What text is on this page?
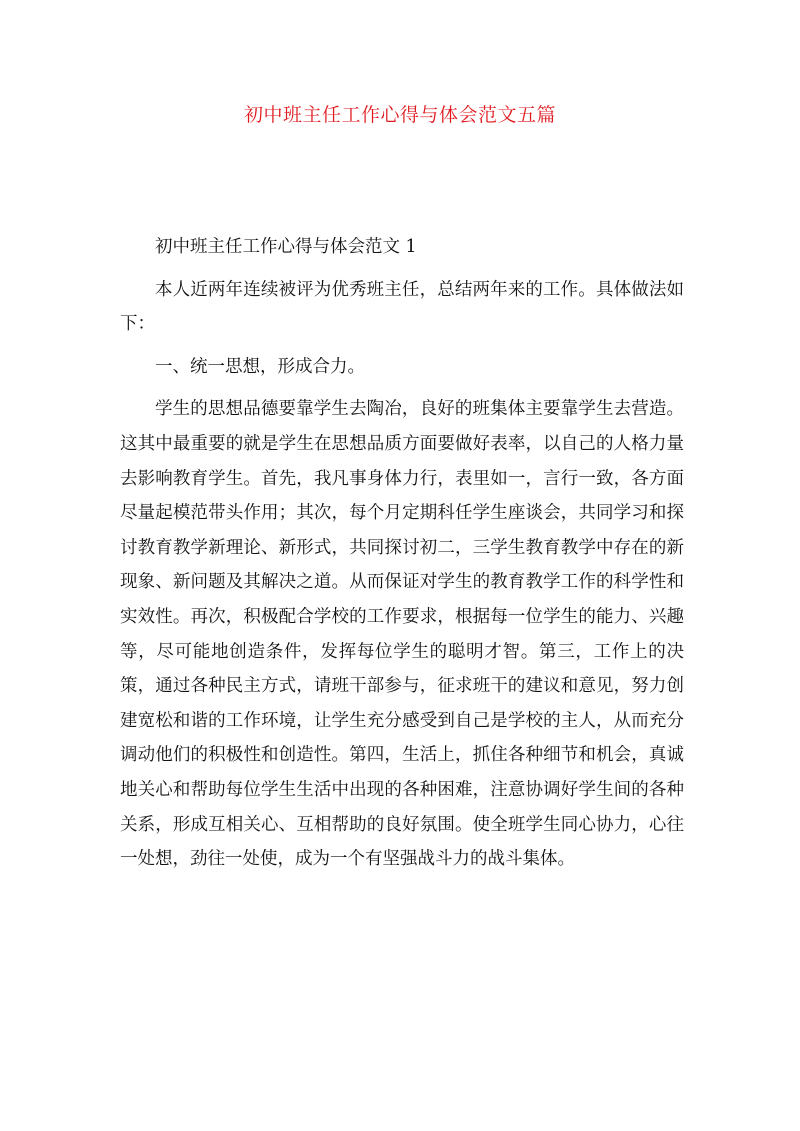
初中班主任工作心得与体会范文五篇

初中班主任工作心得与体会范文 1

本人近两年连续被评为优秀班主任，总结两年来的工作。具体做法如下：

一、统一思想，形成合力。

学生的思想品德要靠学生去陶冶，良好的班集体主要靠学生去营造。这其中最重要的就是学生在思想品质方面要做好表率，以自己的人格力量去影响教育学生。首先，我凡事身体力行，表里如一，言行一致，各方面尽量起模范带头作用；其次，每个月定期科任学生座谈会，共同学习和探讨教育教学新理论、新形式，共同探讨初二，三学生教育教学中存在的新现象、新问题及其解决之道。从而保证对学生的教育教学工作的科学性和实效性。再次，积极配合学校的工作要求，根据每一位学生的能力、兴趣等，尽可能地创造条件，发挥每位学生的聪明才智。第三，工作上的决策，通过各种民主方式，请班干部参与，征求班干的建议和意见，努力创建宽松和谐的工作环境，让学生充分感受到自己是学校的主人，从而充分调动他们的积极性和创造性。第四，生活上，抓住各种细节和机会，真诚地关心和帮助每位学生生活中出现的各种困难，注意协调好学生间的各种关系，形成互相关心、互相帮助的良好氛围。使全班学生同心协力，心往一处想，劲往一处使，成为一个有坚强战斗力的战斗集体。
